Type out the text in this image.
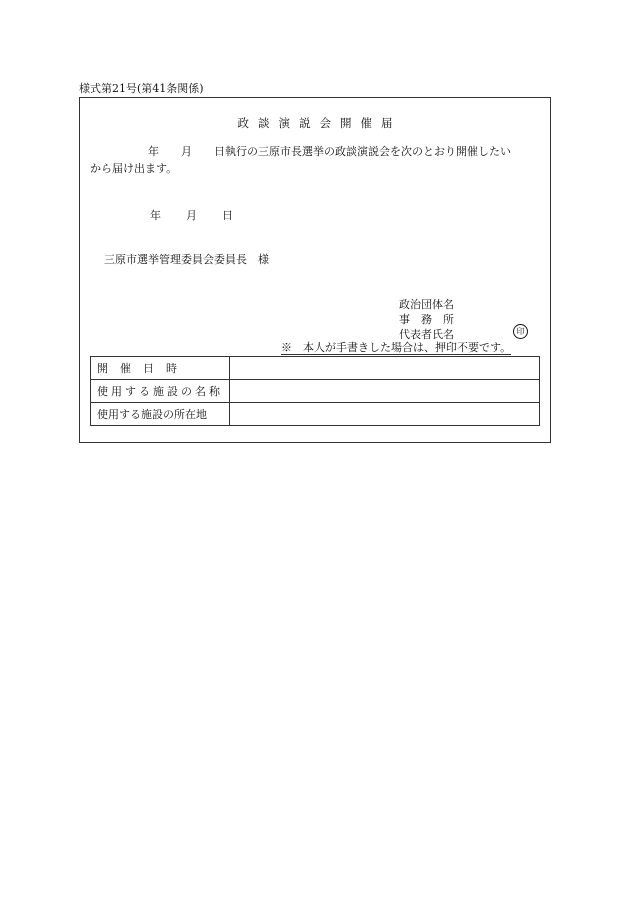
様式第21号(第41条関係)
政談演説会開催届
年　　月　　日執行の三原市長選挙の政談演説会を次のとおり開催したい
から届け出ます。
年 月 日
三原市選挙管理委員会委員長　様
政治団体名
事　務　所
代表者氏名	印
※　本人が手書きした場合は、押印不要です。
開催日時	
使用する施設の名称	
使用する施設の所在地	
